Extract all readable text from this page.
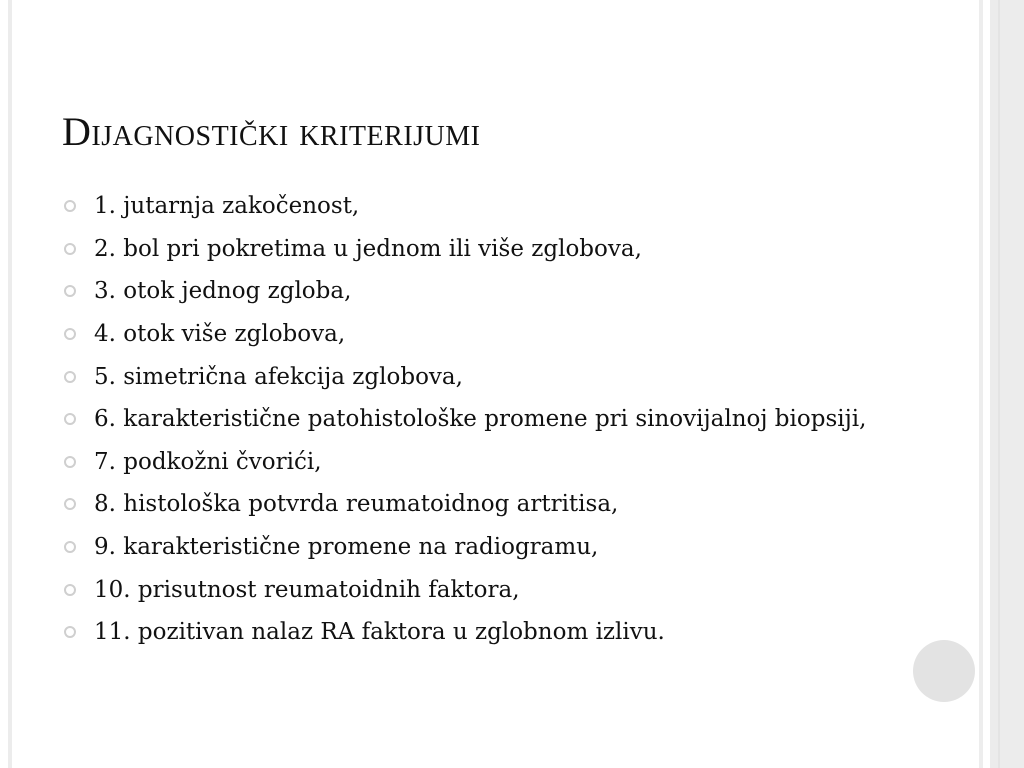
Dijagnostički kriterijumi
1. jutarnja zakočenost,
2. bol pri pokretima u jednom ili više zglobova,
3. otok jednog zgloba,
4. otok više zglobova,
5. simetrična afekcija zglobova,
6. karakteristične patohistološke promene pri sinovijalnoj biopsiji,
7. podkožni čvorići,
8. histološka potvrda reumatoidnog artritisa,
9. karakteristične promene na radiogramu,
10. prisutnost reumatoidnih faktora,
11. pozitivan nalaz RA faktora u zglobnom izlivu.
